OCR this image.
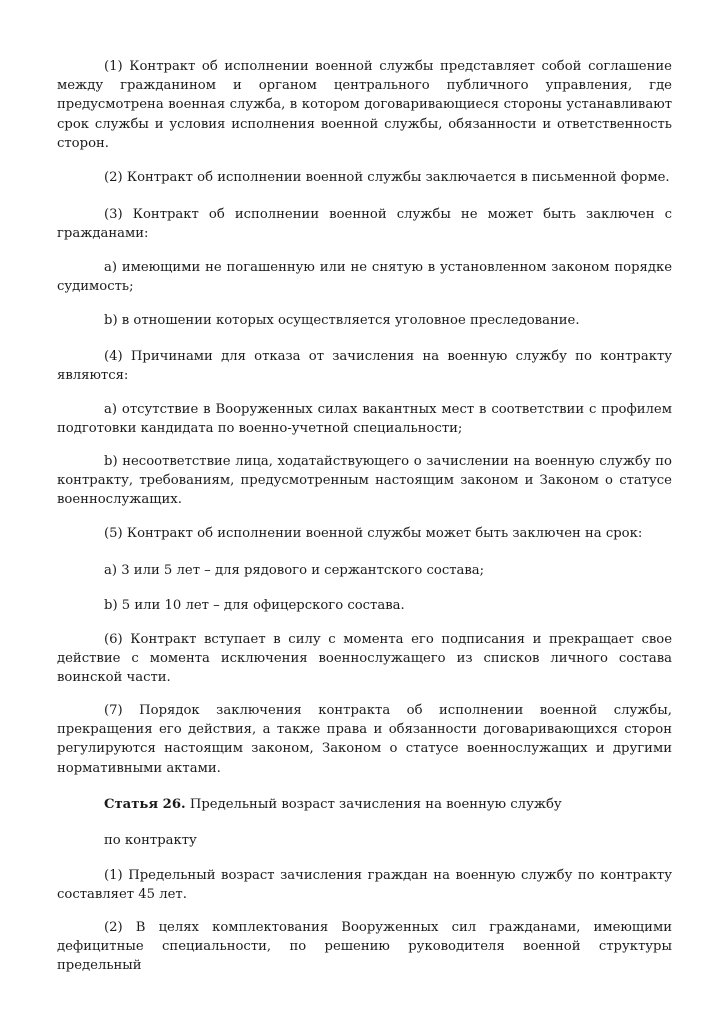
(1) Контракт об исполнении военной службы представляет собой соглашение
между гражданином и органом центрального публичного управления, где
предусмотрена военная служба, в котором договаривающиеся стороны устанавливают
срок службы и условия исполнения военной службы, обязанности и ответственность
сторон.
(2) Контракт об исполнении военной службы заключается в письменной форме.
(3) Контракт об исполнении военной службы не может быть заключен с
гражданами:
a) имеющими не погашенную или не снятую в установленном законом порядке
судимость;
b) в отношении которых осуществляется уголовное преследование.
(4) Причинами для отказа от зачисления на военную службу по контракту
являются:
a) отсутствие в Вооруженных силах вакантных мест в соответствии с профилем
подготовки кандидата по военно-учетной специальности;
b) несоответствие лица, ходатайствующего о зачислении на военную службу по
контракту, требованиям, предусмотренным настоящим законом и Законом о статусе
военнослужащих.
(5) Контракт об исполнении военной службы может быть заключен на срок:
a) 3 или 5 лет – для рядового и сержантского состава;
b) 5 или 10 лет – для офицерского состава.
(6) Контракт вступает в силу с момента его подписания и прекращает свое
действие с момента исключения военнослужащего из списков личного состава
воинской части.
(7) Порядок заключения контракта об исполнении военной службы,
прекращения его действия, а также права и обязанности договаривающихся сторон
регулируются настоящим законом, Законом о статусе военнослужащих и другими
нормативными актами.
Статья 26. Предельный возраст зачисления на военную службу
по контракту
(1) Предельный возраст зачисления граждан на военную службу по контракту
составляет 45 лет.
(2) В целях комплектования Вооруженных сил гражданами, имеющими
дефицитные специальности, по решению руководителя военной структуры предельный
